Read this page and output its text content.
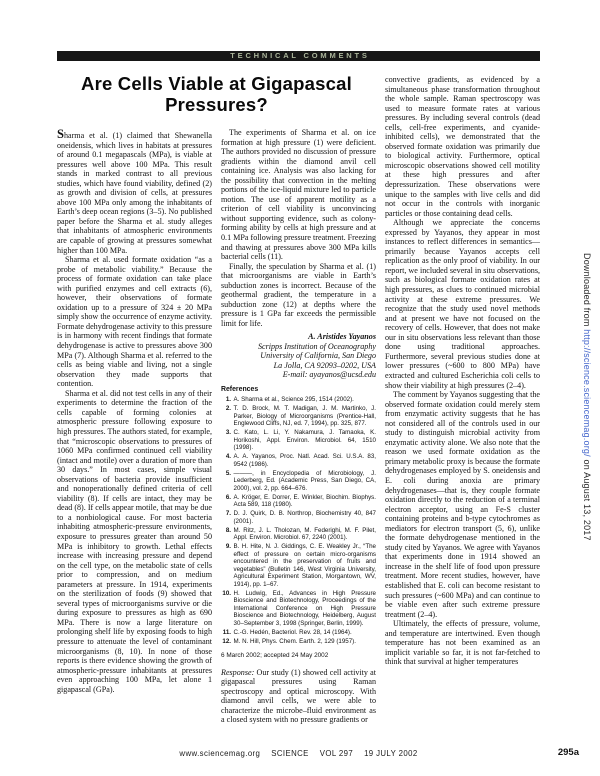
TECHNICAL COMMENTS
Are Cells Viable at Gigapascal
Pressures?

Sharma et al. (1) claimed that Shewanella oneidensis, which lives in habitats at pressures of around 0.1 megapascals (MPa), is viable at pressures well above 100 MPa. This result stands in marked contrast to all previous studies, which have found viability, defined (2) as growth and division of cells, at pressures above 100 MPa only among the inhabitants of Earth’s deep ocean regions (3–5). No published paper before the Sharma et al. study alleges that inhabitants of atmospheric environments are capable of growing at pressures somewhat higher than 100 MPa.

Sharma et al. used formate oxidation “as a probe of metabolic viability.” Because the process of formate oxidation can take place with purified enzymes and cell extracts (6), however, their observations of formate oxidation up to a pressure of 324 ± 20 MPa simply show the occurrence of enzyme activity. Formate dehydrogenase activity to this pressure is in harmony with recent findings that formate dehydrogenase is active to pressures above 300 MPa (7). Although Sharma et al. referred to the cells as being viable and living, not a single observation they made supports that contention.

Sharma et al. did not test cells in any of their experiments to determine the fraction of the cells capable of forming colonies at atmospheric pressure following exposure to high pressures. The authors stated, for example, that “microscopic observations to pressures of 1060 MPa confirmed continued cell viability (intact and motile) over a duration of more than 30 days.” In most cases, simple visual observations of bacteria provide insufficient and nonoperationally defined criteria of cell viability (8). If cells are intact, they may be dead (8). If cells appear motile, that may be due to a nonbiological cause. For most bacteria inhabiting atmospheric-pressure environments, exposure to pressures greater than around 50 MPa is inhibitory to growth. Lethal effects increase with increasing pressure and depend on the cell type, on the metabolic state of cells prior to compression, and on medium parameters at pressure. In 1914, experiments on the sterilization of foods (9) showed that several types of microorganisms survive or die during exposure to pressures as high as 690 MPa. There is now a large literature on prolonging shelf life by exposing foods to high pressure to attenuate the level of contaminant microorganisms (8, 10). In none of those reports is there evidence showing the growth of atmospheric-pressure inhabitants at pressures even approaching 100 MPa, let alone 1 gigapascal (GPa).

The experiments of Sharma et al. on ice formation at high pressure (1) were deficient. The authors provided no discussion of pressure gradients within the diamond anvil cell containing ice. Analysis was also lacking for the possibility that convection in the melting portions of the ice-liquid mixture led to particle motion. The use of apparent motility as a criterion of cell viability is unconvincing without supporting evidence, such as colony-forming ability by cells at high pressure and at 0.1 MPa following pressure treatment. Freezing and thawing at pressures above 300 MPa kills bacterial cells (11).

Finally, the speculation by Sharma et al. (1) that microorganisms are viable in Earth’s subduction zones is incorrect. Because of the geothermal gradient, the temperature in a subduction zone (12) at depths where the pressure is 1 GPa far exceeds the permissible limit for life.

A. Aristides Yayanos
Scripps Institution of Oceanography
University of California, San Diego
La Jolla, CA 92093–0202, USA
E-mail: ayayanos@ucsd.edu
References
1. A. Sharma et al., Science 295, 1514 (2002).
2. T. D. Brock, M. T. Madigan, J. M. Martinko, J. Parker, Biology of Microorganisms (Prentice-Hall, Englewood Cliffs, NJ, ed. 7, 1994), pp. 325, 877.
3. C. Kato, L. Li, Y. Nakamura, J. Tamaoka, K. Horikoshi, Appl. Environ. Microbiol. 64, 1510 (1998).
4. A. A. Yayanos, Proc. Natl. Acad. Sci. U.S.A. 83, 9542 (1986).
5. ———, in Encyclopedia of Microbiology, J. Lederberg, Ed. (Academic Press, San Diego, CA, 2000), vol. 2, pp. 664–676.
6. A. Kröger, E. Dorrer, E. Winkler, Biochim. Biophys. Acta 589, 118 (1980).
7. D. J. Quirk, D. B. Northrop, Biochemistry 40, 847 (2001).
8. M. Ritz, J. L. Tholozan, M. Federighi, M. F. Pilet, Appl. Environ. Microbiol. 67, 2240 (2001).
9. B. H. Hite, N. J. Giddings, C. E. Weakley Jr., “The effect of pressure on certain micro-organisms encountered in the preservation of fruits and vegetables” (Bulletin 146, West Virginia University, Agricultural Experiment Station, Morgantown, WV, 1914), pp. 1–67.
10. H. Ludwig, Ed., Advances in High Pressure Bioscience and Biotechnology, Proceedings of the International Conference on High Pressure Bioscience and Biotechnology, Heidelberg, August 30–September 3, 1998 (Springer, Berlin, 1999).
11. C.-G. Hedén, Bacteriol. Rev. 28, 14 (1964).
12. M. N. Hill, Phys. Chem. Earth. 2, 129 (1957).
6 March 2002; accepted 24 May 2002

Response: Our study (1) showed cell activity at gigapascal pressures using Raman spectroscopy and optical microscopy. With diamond anvil cells, we were able to characterize the microbe–fluid environment as a closed system with no pressure gradients or

convective gradients, as evidenced by a simultaneous phase transformation throughout the whole sample. Raman spectroscopy was used to measure formate rates at various pressures. By including several controls (dead cells, cell-free experiments, and cyanide-inhibited cells), we demonstrated that the observed formate oxidation was primarily due to biological activity. Furthermore, optical microscopic observations showed cell motility at these high pressures and after depressurization. These observations were unique to the samples with live cells and did not occur in the controls with inorganic particles or those containing dead cells.

Although we appreciate the concerns expressed by Yayanos, they appear in most instances to reflect differences in semantics—primarily because Yayanos accepts cell replication as the only proof of viability. In our report, we included several in situ observations, such as biological formate oxidation rates at high pressures, as clues to continued microbial activity at these extreme pressures. We recognize that the study used novel methods and at present we have not focused on the recovery of cells. However, that does not make our in situ observations less relevant than those done using traditional approaches. Furthermore, several previous studies done at lower pressures (~600 to 800 MPa) have extracted and cultured Escherichia coli cells to show their viability at high pressures (2–4).

The comment by Yayanos suggesting that the observed formate oxidation could merely stem from enzymatic activity suggests that he has not considered all of the controls used in our study to distinguish microbial activity from enzymatic activity alone. We also note that the reason we used formate oxidation as the primary metabolic proxy is because the formate dehydrogenases employed by S. oneidensis and E. coli during anoxia are primary dehydrogenases—that is, they couple formate oxidation directly to the reduction of a terminal electron acceptor, using an Fe-S cluster containing proteins and b-type cytochromes as mediators for electron transport (5, 6), unlike the formate dehydrogenase mentioned in the study cited by Yayanos. We agree with Yayanos that experiments done in 1914 showed an increase in the shelf life of food upon pressure treatment. More recent studies, however, have established that E. coli can become resistant to such pressures (~600 MPa) and can continue to be viable even after such extreme pressure treatment (2–4).

Ultimately, the effects of pressure, volume, and temperature are intertwined. Even though temperature has not been examined as an implicit variable so far, it is not far-fetched to think that survival at higher temperatures

www.sciencemag.org SCIENCE VOL 297 19 JULY 2002	295a
Downloaded from http://science.sciencemag.org/ on August 13, 2017
